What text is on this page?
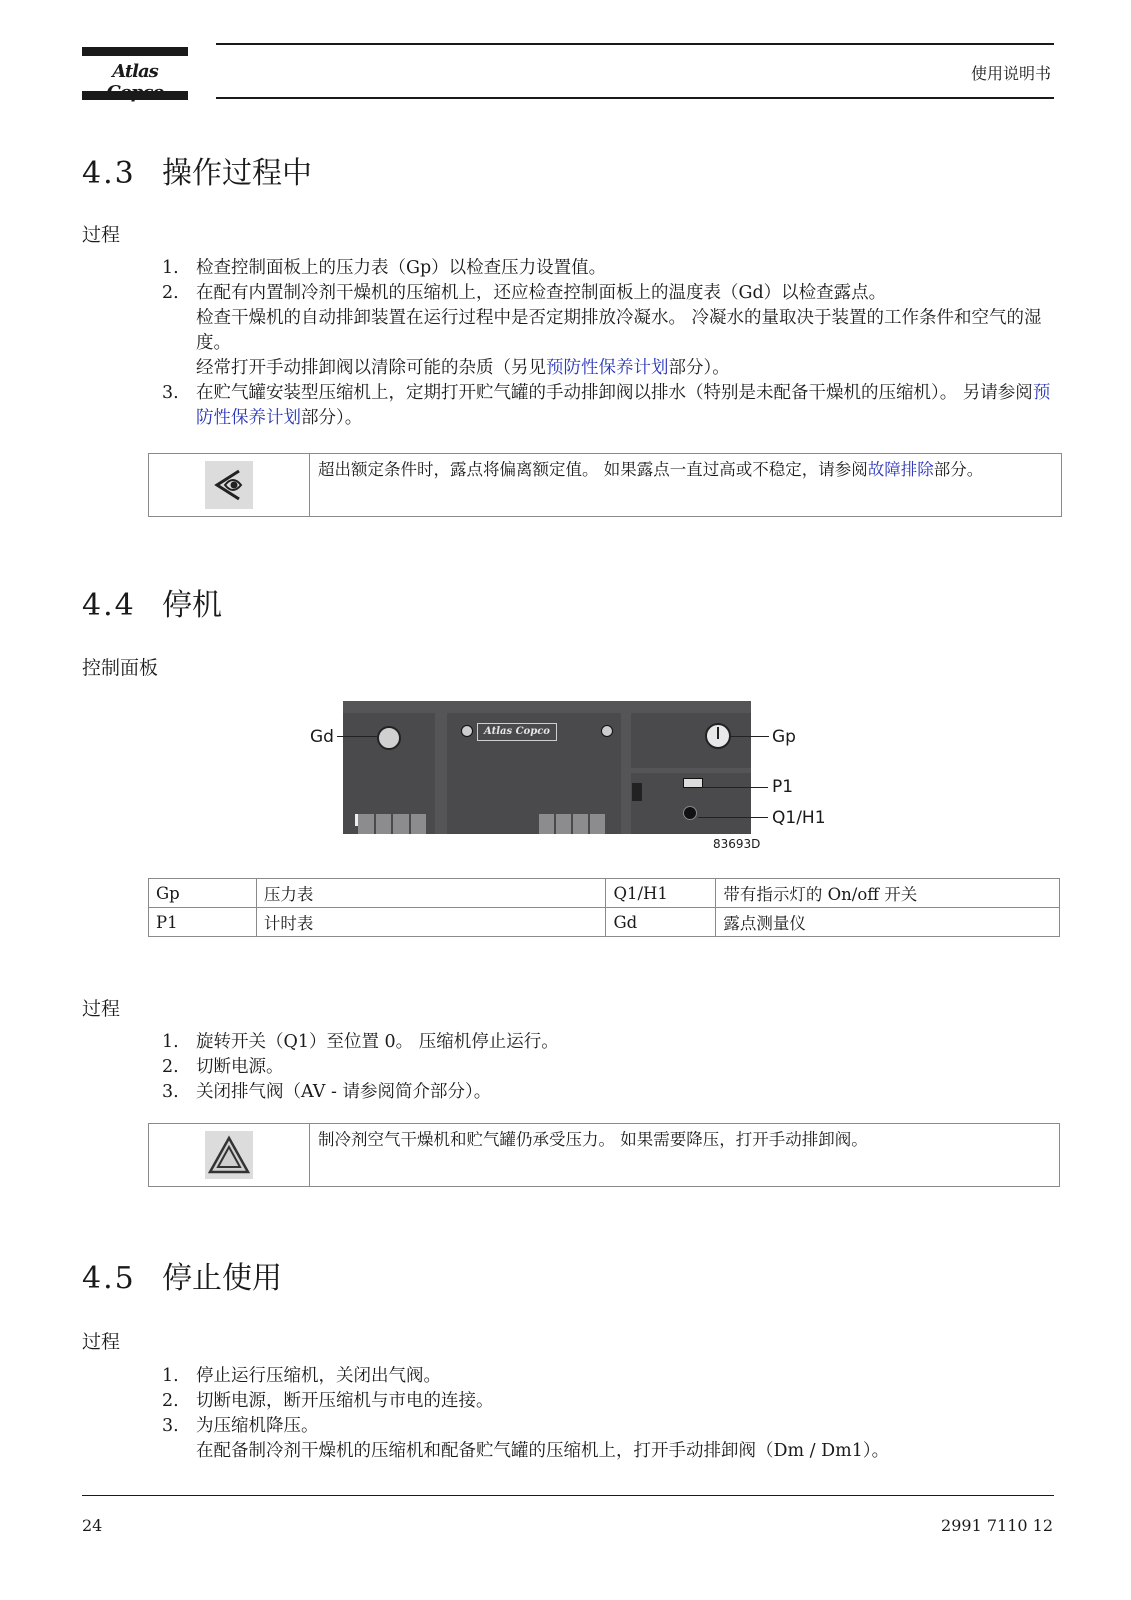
Atlas	使用说明书
4.3 操作过程中
过程
1. 检查控制面板上的压力表（Gp）以检查压力设置值。
2. 在配有内置制冷剂干燥机的压缩机上，还应检查控制面板上的温度表（Gd）以检查露点。
检查干燥机的自动排卸装置在运行过程中是否定期排放冷凝水。 冷凝水的量取决于装置的工作条件和空气的湿度。
经常打开手动排卸阀以清除可能的杂质（另见预防性保养计划部分）。
3. 在贮气罐安装型压缩机上，定期打开贮气罐的手动排卸阀以排水（特别是未配备干燥机的压缩机）。 另请参阅预防性保养计划部分）。
超出额定条件时，露点将偏离额定值。 如果露点一直过高或不稳定，请参阅故障排除部分。
4.4 停机
控制面板
Atlas Copco
Gd	Gp
P1
Q1/H1
83693D
Gp	压力表	Q1/H1	带有指示灯的 On/off 开关
P1	计时表	Gd	露点测量仪
过程
1. 旋转开关（Q1）至位置 0。 压缩机停止运行。
2. 切断电源。
3. 关闭排气阀（AV - 请参阅简介部分）。
制冷剂空气干燥机和贮气罐仍承受压力。 如果需要降压，打开手动排卸阀。
4.5 停止使用
过程
1. 停止运行压缩机，关闭出气阀。
2. 切断电源，断开压缩机与市电的连接。
3. 为压缩机降压。
在配备制冷剂干燥机的压缩机和配备贮气罐的压缩机上，打开手动排卸阀（Dm / Dm1）。
24	2991 7110 12
